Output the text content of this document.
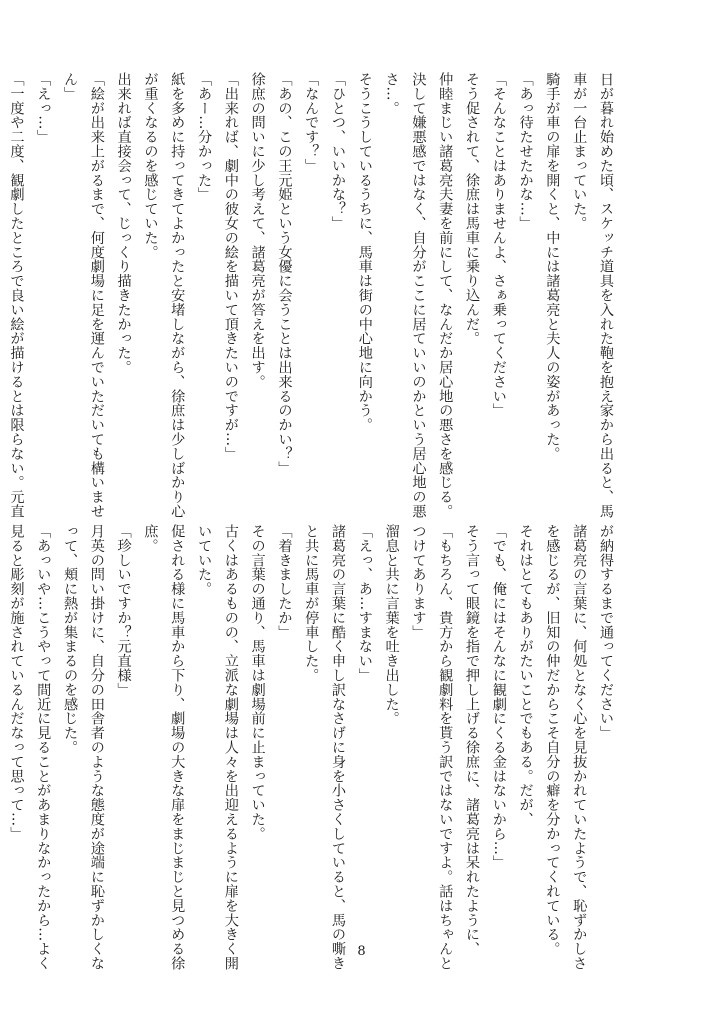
日が暮れ始めた頃、スケッチ道具を入れた鞄を抱え家から出ると、馬
車が一台止まっていた。
騎手が車の扉を開くと、中には諸葛亮と夫人の姿があった。
「あっ待たせたかな…」
「そんなことはありませんよ、さぁ乗ってください」
そう促されて、徐庶は馬車に乗り込んだ。
仲睦まじい諸葛亮夫妻を前にして、なんだか居心地の悪さを感じる。
決して嫌悪感ではなく、自分がここに居ていいのかという居心地の悪
さ…。
そうこうしているうちに、馬車は街の中心地に向かう。
「ひとつ、いいかな？」
「なんです？」
「あの、この王元姫という女優に会うことは出来るのかい？」
徐庶の問いに少し考えて、諸葛亮が答えを出す。
「出来れば、劇中の彼女の絵を描いて頂きたいのですが…」
「あー…分かった」
紙を多めに持ってきてよかったと安堵しながら、徐庶は少しばかり心
が重くなるのを感じていた。
出来れば直接会って、じっくり描きたかった。
「絵が出来上がるまで、何度劇場に足を運んでいただいても構いませ
ん」
「えっ…」
「一度や二度、観劇したところで良い絵が描けるとは限らない。元直
が納得するまで通ってください」
諸葛亮の言葉に、何処となく心を見抜かれていたようで、恥ずかしさ
を感じるが、旧知の仲だからこそ自分の癖を分かってくれている。
それはとてもありがたいことでもある。だが、
「でも、俺にはそんなに観劇にくる金はないから…」
そう言って眼鏡を指で押し上げる徐庶に、諸葛亮は呆れたように、
「もちろん、貴方から観劇料を貰う訳ではないですよ。話はちゃんと
つけてあります」
溜息と共に言葉を吐き出した。
「えっ、あ…すまない」
諸葛亮の言葉に酷く申し訳なさげに身を小さくしていると、馬の嘶き
と共に馬車が停車した。
「着きましたか」
その言葉の通り、馬車は劇場前に止まっていた。
古くはあるものの、立派な劇場は人々を出迎えるように扉を大きく開
いていた。
促される様に馬車から下り、劇場の大きな扉をまじまじと見つめる徐
庶。
「珍しいですか？元直様」
月英の問い掛けに、自分の田舎者のような態度が途端に恥ずかしくな
って、頬に熱が集まるのを感じた。
「あっいや…こうやって間近に見ることがあまりなかったから…よく
見ると彫刻が施されているんだなって思って…」
8
